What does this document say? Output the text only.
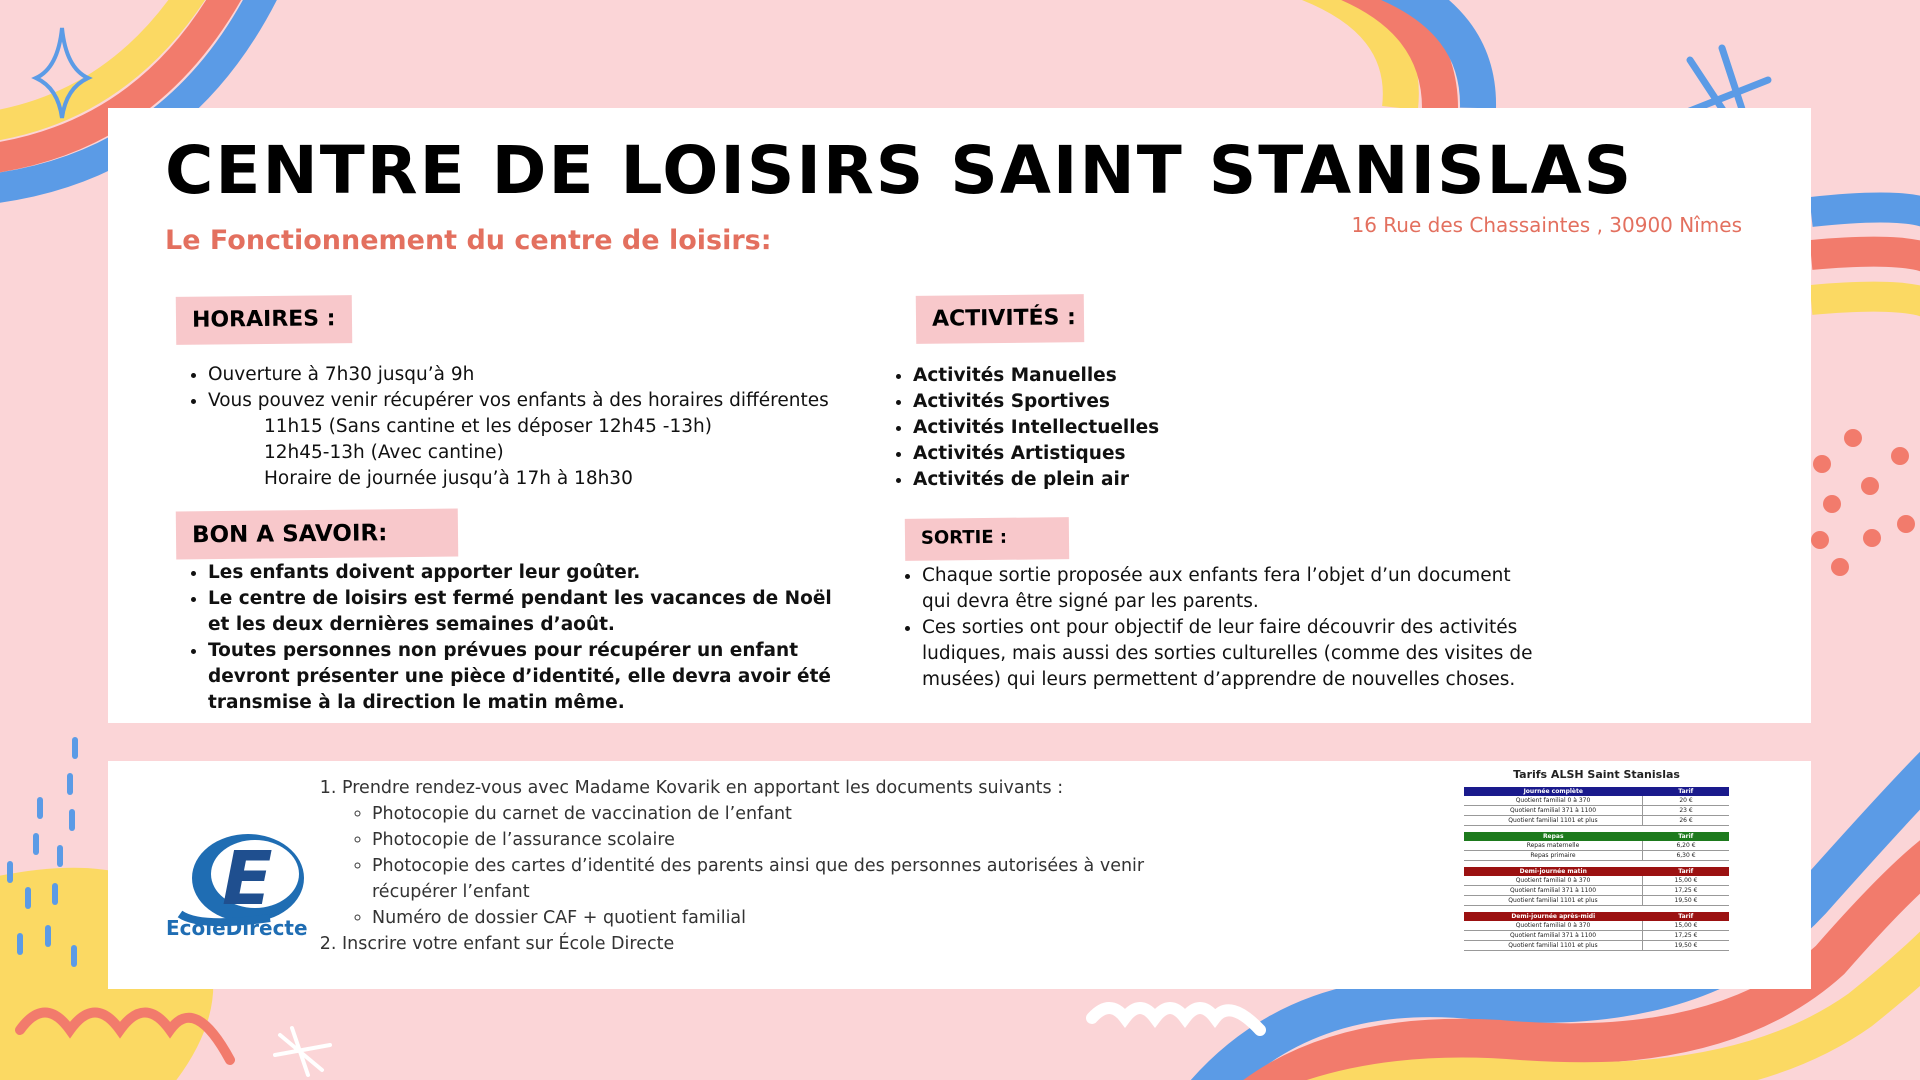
CENTRE DE LOISIRS SAINT STANISLAS
Le Fonctionnement du centre de loisirs:	16 Rue des Chassaintes , 30900 Nîmes
HORAIRES :
• Ouverture à 7h30 jusqu’à 9h
• Vous pouvez venir récupérer vos enfants à des horaires différentes
11h15 (Sans cantine et les déposer 12h45 -13h)
12h45-13h (Avec cantine)
Horaire de journée jusqu’à 17h à 18h30
BON A SAVOIR:
• Les enfants doivent apporter leur goûter.
• Le centre de loisirs est fermé pendant les vacances de Noël et les deux dernières semaines d’août.
• Toutes personnes non prévues pour récupérer un enfant devront présenter une pièce d’identité, elle devra avoir été transmise à la direction le matin même.
ACTIVITÉS :
• Activités Manuelles
• Activités Sportives
• Activités Intellectuelles
• Activités Artistiques
• Activités de plein air
SORTIE :
• Chaque sortie proposée aux enfants fera l’objet d’un document qui devra être signé par les parents.
• Ces sorties ont pour objectif de leur faire découvrir des activités ludiques, mais aussi des sorties culturelles (comme des visites de musées) qui leurs permettent d’apprendre de nouvelles choses.
E
EcoleDirecte
1. Prendre rendez-vous avec Madame Kovarik en apportant les documents suivants :
◦ Photocopie du carnet de vaccination de l’enfant
◦ Photocopie de l’assurance scolaire
◦ Photocopie des cartes d’identité des parents ainsi que des personnes autorisées à venir récupérer l’enfant
◦ Numéro de dossier CAF + quotient familial
2. Inscrire votre enfant sur École Directe
Tarifs ALSH Saint Stanislas
Journée complète	Tarif
Quotient familial 0 à 370	20 €
Quotient familial 371 à 1100	23 €
Quotient familial 1101 et plus	26 €
Repas	Tarif
Repas maternelle	6,20 €
Repas primaire	6,30 €
Demi-journée matin	Tarif
Quotient familial 0 à 370	15,00 €
Quotient familial 371 à 1100	17,25 €
Quotient familial 1101 et plus	19,50 €
Demi-journée après-midi	Tarif
Quotient familial 0 à 370	15,00 €
Quotient familial 371 à 1100	17,25 €
Quotient familial 1101 et plus	19,50 €
